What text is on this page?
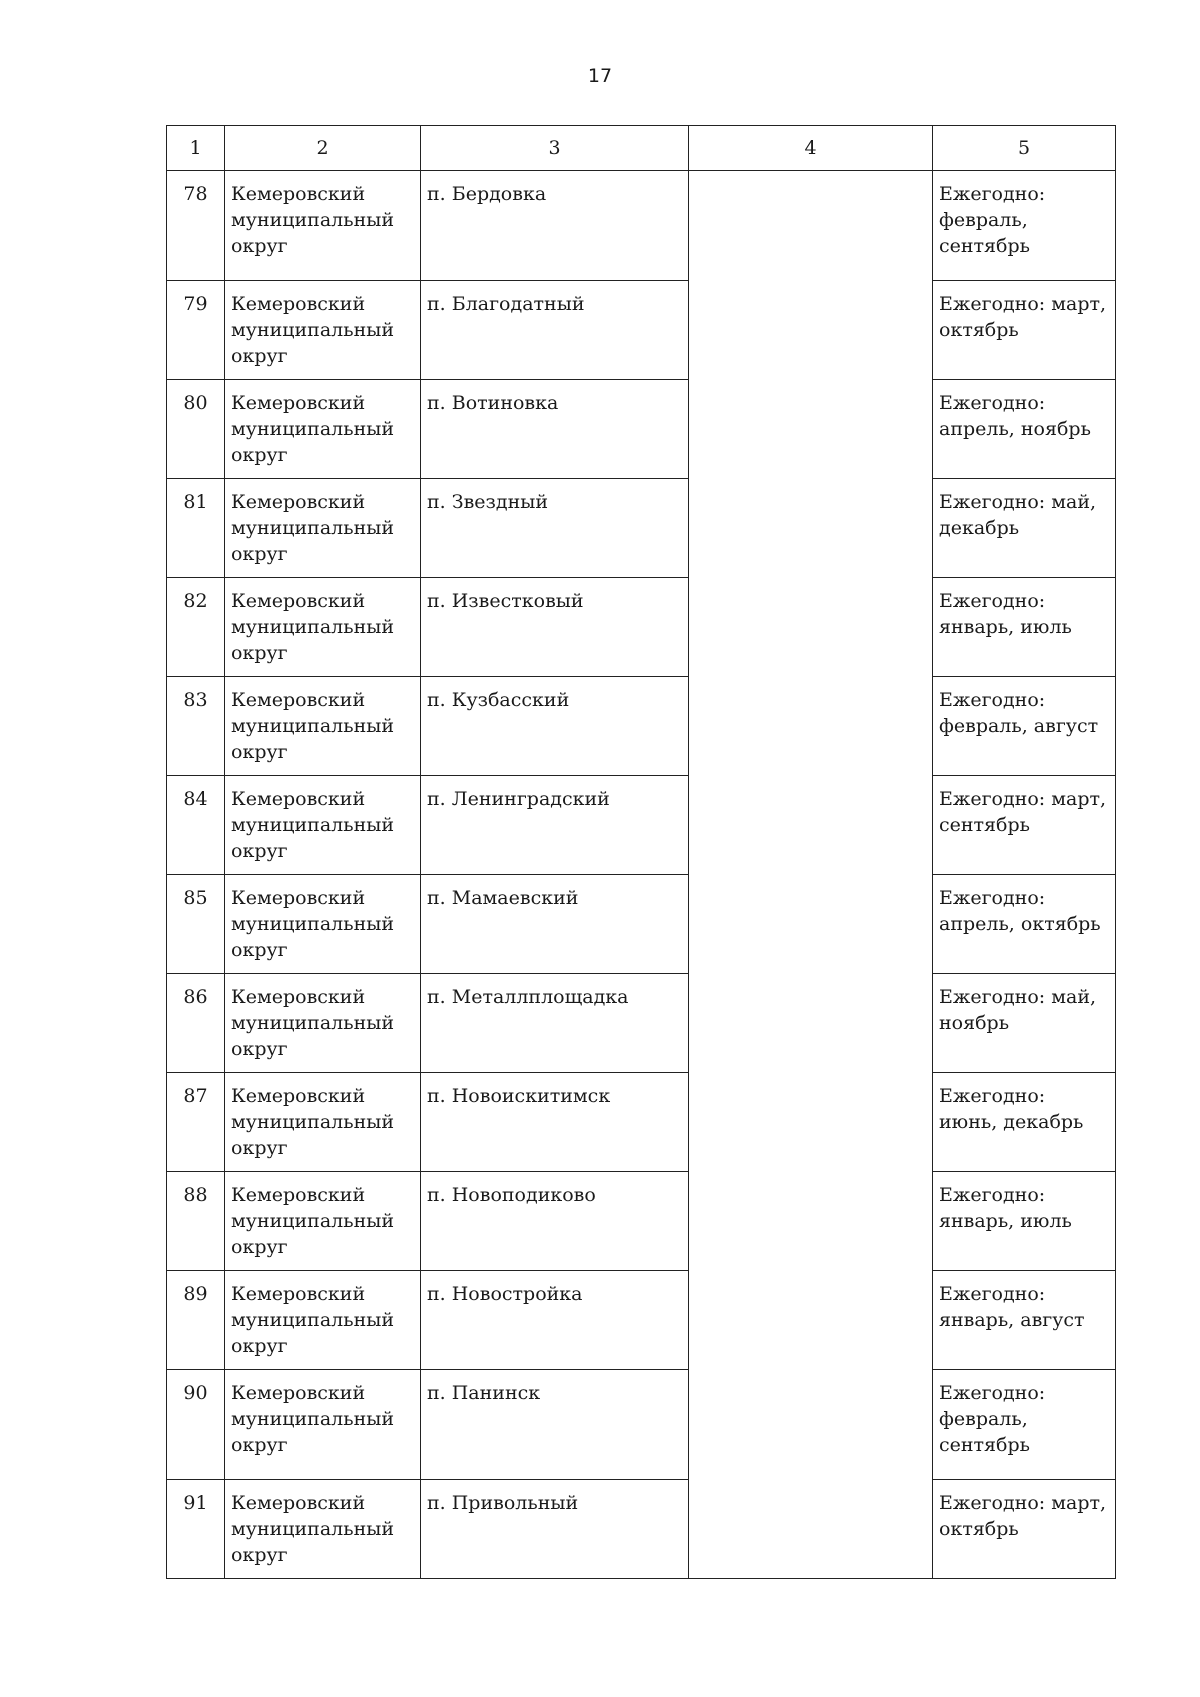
17
1	2	3	4	5
78	Кемеровский муниципальный округ	п. Бердовка		Ежегодно: февраль, сентябрь
79	Кемеровский муниципальный округ	п. Благодатный		Ежегодно: март, октябрь
80	Кемеровский муниципальный округ	п. Вотиновка		Ежегодно: апрель, ноябрь
81	Кемеровский муниципальный округ	п. Звездный		Ежегодно: май, декабрь
82	Кемеровский муниципальный округ	п. Известковый		Ежегодно: январь, июль
83	Кемеровский муниципальный округ	п. Кузбасский		Ежегодно: февраль, август
84	Кемеровский муниципальный округ	п. Ленинградский		Ежегодно: март, сентябрь
85	Кемеровский муниципальный округ	п. Мамаевский		Ежегодно: апрель, октябрь
86	Кемеровский муниципальный округ	п. Металлплощадка		Ежегодно: май, ноябрь
87	Кемеровский муниципальный округ	п. Новоискитимск		Ежегодно: июнь, декабрь
88	Кемеровский муниципальный округ	п. Новоподиково		Ежегодно: январь, июль
89	Кемеровский муниципальный округ	п. Новостройка		Ежегодно: январь, август
90	Кемеровский муниципальный округ	п. Панинск		Ежегодно: февраль, сентябрь
91	Кемеровский муниципальный округ	п. Привольный		Ежегодно: март, октябрь
